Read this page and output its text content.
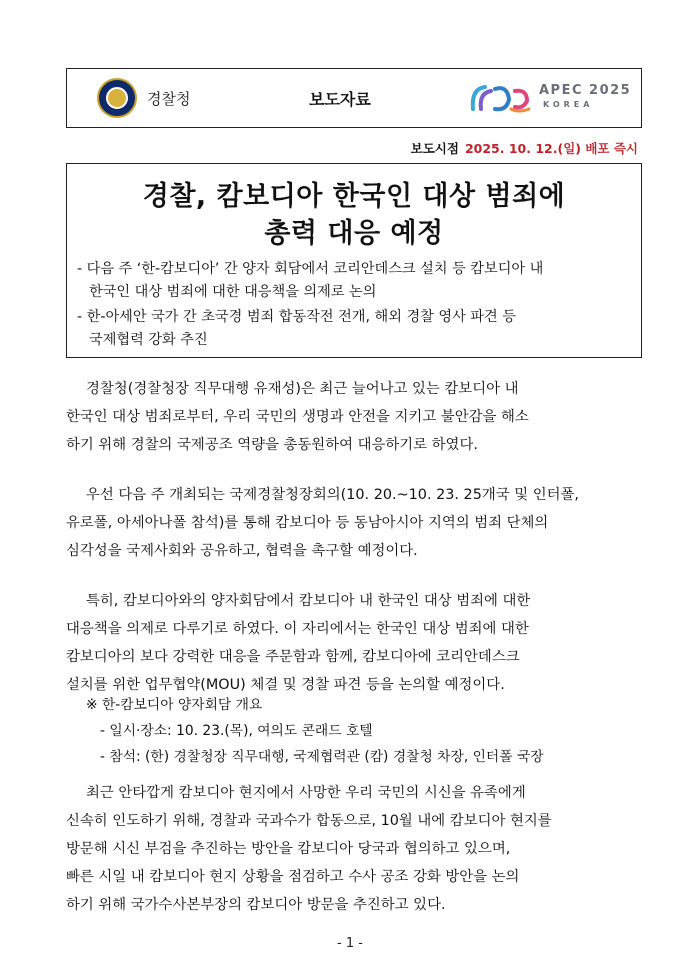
경찰청	보도자료	APEC 2025
KOREA
보도시점 2025. 10. 12.(일) 배포 즉시
경찰, 캄보디아 한국인 대상 범죄에
총력 대응 예정
- 다음 주 ‘한-캄보디아’ 간 양자 회담에서 코리안데스크 설치 등 캄보디아 내
한국인 대상 범죄에 대한 대응책을 의제로 논의
- 한-아세안 국가 간 초국경 범죄 합동작전 전개, 해외 경찰 영사 파견 등
국제협력 강화 추진
경찰청(경찰청장 직무대행 유재성)은 최근 늘어나고 있는 캄보디아 내
한국인 대상 범죄로부터, 우리 국민의 생명과 안전을 지키고 불안감을 해소
하기 위해 경찰의 국제공조 역량을 총동원하여 대응하기로 하였다.
우선 다음 주 개최되는 국제경찰청장회의(10. 20.~10. 23. 25개국 및 인터폴,
유로폴, 아세아나폴 참석)를 통해 캄보디아 등 동남아시아 지역의 범죄 단체의
심각성을 국제사회와 공유하고, 협력을 촉구할 예정이다.
특히, 캄보디아와의 양자회담에서 캄보디아 내 한국인 대상 범죄에 대한
대응책을 의제로 다루기로 하였다. 이 자리에서는 한국인 대상 범죄에 대한
캄보디아의 보다 강력한 대응을 주문함과 함께, 캄보디아에 코리안데스크
설치를 위한 업무협약(MOU) 체결 및 경찰 파견 등을 논의할 예정이다.
※ 한-캄보디아 양자회담 개요
- 일시·장소: 10. 23.(목), 여의도 콘래드 호텔
- 참석: (한) 경찰청장 직무대행, 국제협력관 (캄) 경찰청 차장, 인터폴 국장
최근 안타깝게 캄보디아 현지에서 사망한 우리 국민의 시신을 유족에게
신속히 인도하기 위해, 경찰과 국과수가 합동으로, 10월 내에 캄보디아 현지를
방문해 시신 부검을 추진하는 방안을 캄보디아 당국과 협의하고 있으며,
빠른 시일 내 캄보디아 현지 상황을 점검하고 수사 공조 강화 방안을 논의
하기 위해 국가수사본부장의 캄보디아 방문을 추진하고 있다.
- 1 -
